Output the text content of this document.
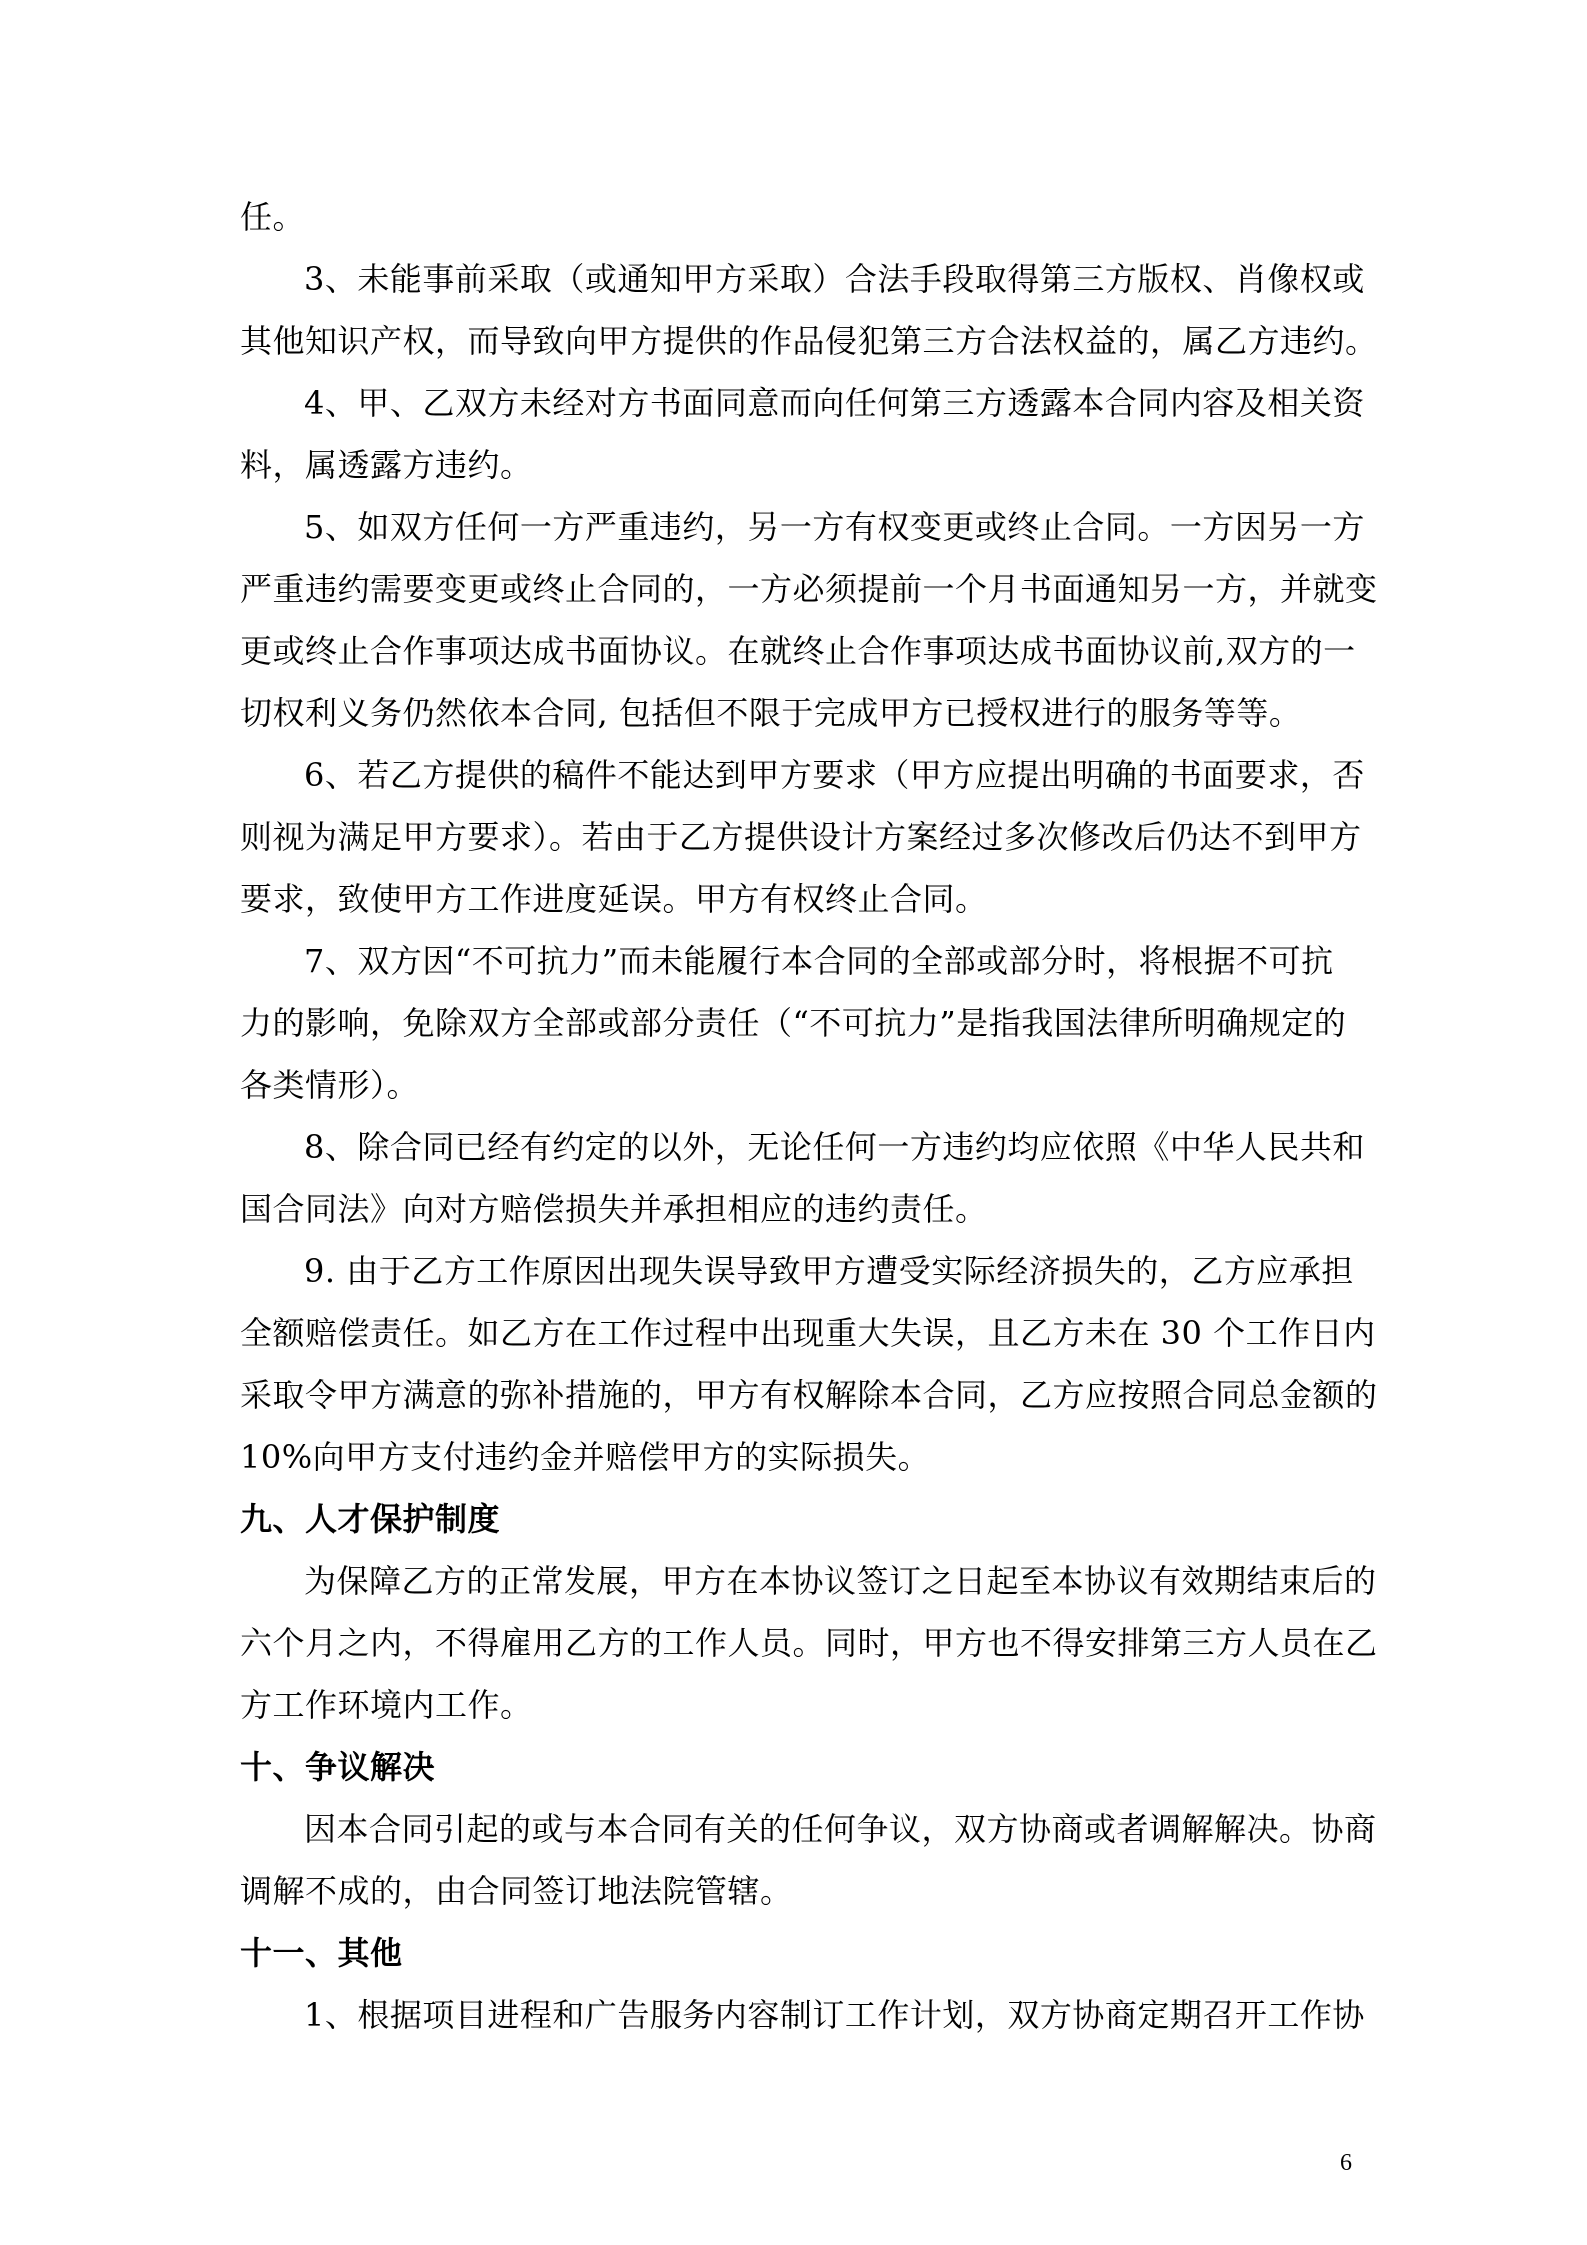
任。
3、未能事前采取（或通知甲方采取）合法手段取得第三方版权、肖像权或
其他知识产权，而导致向甲方提供的作品侵犯第三方合法权益的，属乙方违约。
4、甲、乙双方未经对方书面同意而向任何第三方透露本合同内容及相关资
料，属透露方违约。
5、如双方任何一方严重违约，另一方有权变更或终止合同。一方因另一方
严重违约需要变更或终止合同的，一方必须提前一个月书面通知另一方，并就变
更或终止合作事项达成书面协议。在就终止合作事项达成书面协议前,双方的一
切权利义务仍然依本合同, 包括但不限于完成甲方已授权进行的服务等等。
6、若乙方提供的稿件不能达到甲方要求（甲方应提出明确的书面要求，否
则视为满足甲方要求）。若由于乙方提供设计方案经过多次修改后仍达不到甲方
要求，致使甲方工作进度延误。甲方有权终止合同。
7、双方因“不可抗力”而未能履行本合同的全部或部分时，将根据不可抗
力的影响，免除双方全部或部分责任（“不可抗力”是指我国法律所明确规定的
各类情形）。
8、除合同已经有约定的以外，无论任何一方违约均应依照《中华人民共和
国合同法》向对方赔偿损失并承担相应的违约责任。
9. 由于乙方工作原因出现失误导致甲方遭受实际经济损失的，乙方应承担
全额赔偿责任。如乙方在工作过程中出现重大失误，且乙方未在 30 个工作日内
采取令甲方满意的弥补措施的，甲方有权解除本合同，乙方应按照合同总金额的
10%向甲方支付违约金并赔偿甲方的实际损失。
九、人才保护制度
为保障乙方的正常发展，甲方在本协议签订之日起至本协议有效期结束后的
六个月之内，不得雇用乙方的工作人员。同时，甲方也不得安排第三方人员在乙
方工作环境内工作。
十、争议解决
因本合同引起的或与本合同有关的任何争议，双方协商或者调解解决。协商
调解不成的，由合同签订地法院管辖。
十一、其他
1、根据项目进程和广告服务内容制订工作计划，双方协商定期召开工作协
6
